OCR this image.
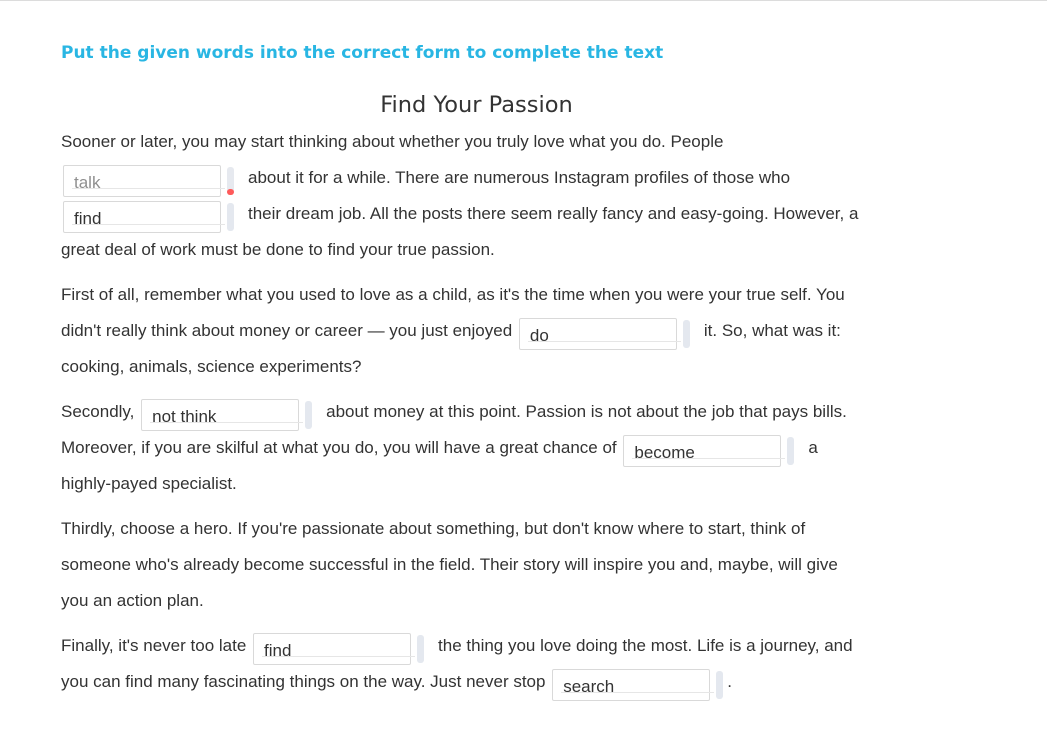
Put the given words into the correct form to complete the text
Find Your Passion

Sooner or later, you may start thinking about whether you truly love what you do. People
talk
about it for a while. There are numerous Instagram profiles of those who
find
their dream job. All the posts there seem really fancy and easy-going. However, a
great deal of work must be done to find your true passion.

First of all, remember what you used to love as a child, as it's the time when you were your true self. You
didn't really think about money or career — you just enjoyed do	it. So, what was it:
cooking, animals, science experiments?

Secondly, not think	about money at this point. Passion is not about the job that pays bills.
Moreover, if you are skilful at what you do, you will have a great chance of become	a
highly-payed specialist.

Thirdly, choose a hero. If you're passionate about something, but don't know where to start, think of
someone who's already become successful in the field. Their story will inspire you and, maybe, will give
you an action plan.

Finally, it's never too late find	the thing you love doing the most. Life is a journey, and
you can find many fascinating things on the way. Just never stop search	.
